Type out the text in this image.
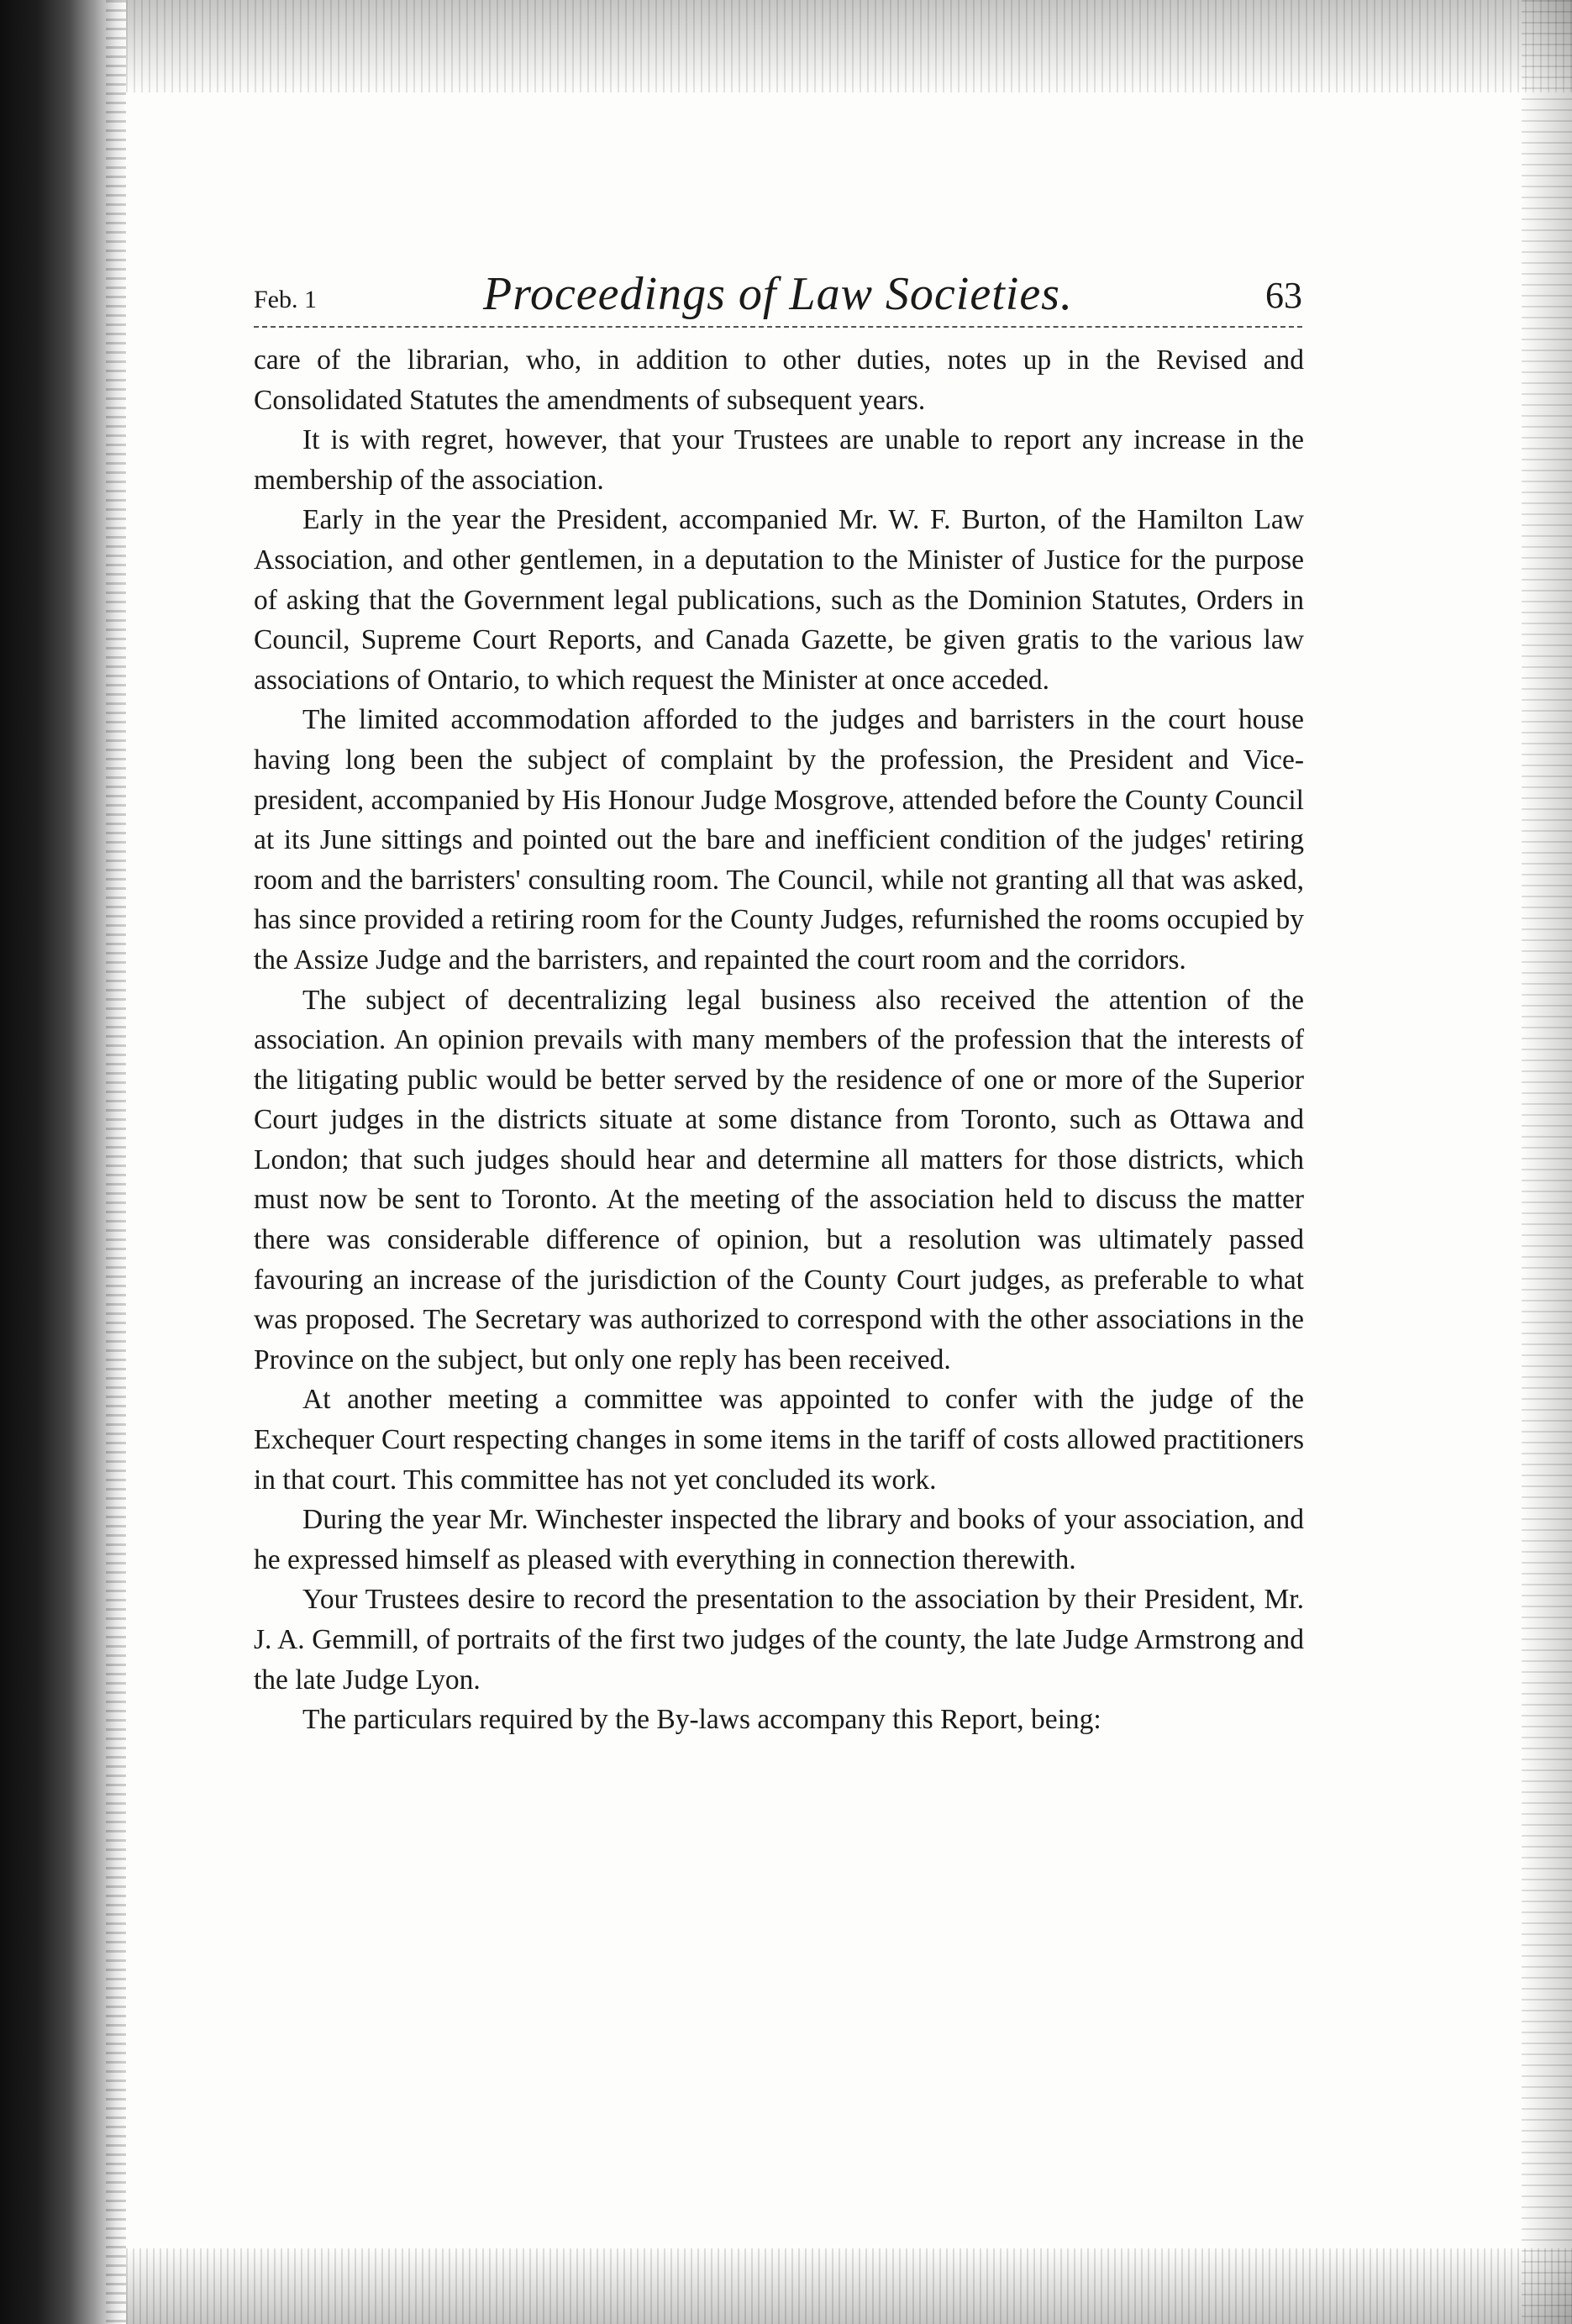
Feb. 1	Proceedings of Law Societies.	63

care of the librarian, who, in addition to other duties, notes up in the Revised and Consolidated Statutes the amendments of subsequent years.

It is with regret, however, that your Trustees are unable to report any increase in the membership of the association.

Early in the year the President, accompanied Mr. W. F. Burton, of the Hamilton Law Association, and other gentlemen, in a deputation to the Minister of Justice for the purpose of asking that the Government legal publications, such as the Dominion Statutes, Orders in Council, Supreme Court Reports, and Canada Gazette, be given gratis to the various law associations of Ontario, to which request the Minister at once acceded.

The limited accommodation afforded to the judges and barristers in the court house having long been the subject of complaint by the profession, the President and Vice-president, accompanied by His Honour Judge Mosgrove, attended before the County Council at its June sittings and pointed out the bare and inefficient condition of the judges' retiring room and the barristers' consulting room. The Council, while not granting all that was asked, has since provided a retiring room for the County Judges, refurnished the rooms occupied by the Assize Judge and the barristers, and repainted the court room and the corridors.

The subject of decentralizing legal business also received the attention of the association. An opinion prevails with many members of the profession that the interests of the litigating public would be better served by the residence of one or more of the Superior Court judges in the districts situate at some distance from Toronto, such as Ottawa and London; that such judges should hear and determine all matters for those districts, which must now be sent to Toronto. At the meeting of the association held to discuss the matter there was considerable difference of opinion, but a resolution was ultimately passed favouring an increase of the jurisdiction of the County Court judges, as preferable to what was proposed. The Secretary was authorized to correspond with the other associations in the Province on the subject, but only one reply has been received.

At another meeting a committee was appointed to confer with the judge of the Exchequer Court respecting changes in some items in the tariff of costs allowed practitioners in that court. This committee has not yet concluded its work.

During the year Mr. Winchester inspected the library and books of your association, and he expressed himself as pleased with everything in connection therewith.

Your Trustees desire to record the presentation to the association by their President, Mr. J. A. Gemmill, of portraits of the first two judges of the county, the late Judge Armstrong and the late Judge Lyon.

The particulars required by the By-laws accompany this Report, being:
